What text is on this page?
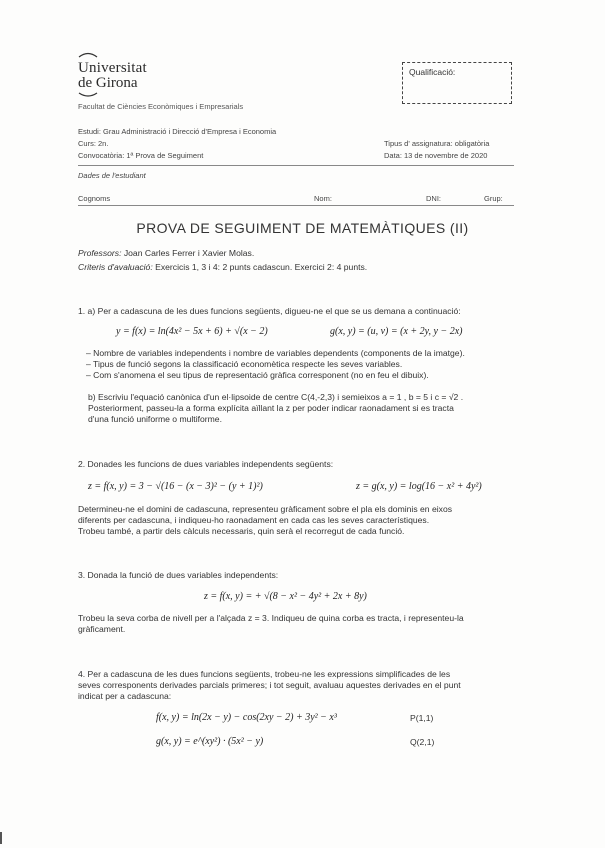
Universitat
de Girona
Facultat de Ciències Econòmiques i Empresarials
Qualificació:
Estudi: Grau Administració i Direcció d'Empresa i Economia
Curs: 2n.
Convocatòria: 1ª Prova de Seguiment
Tipus d' assignatura: obligatòria
Data: 13 de novembre de 2020
Dades de l'estudiant
Cognoms	Nom:	DNI:	Grup:
PROVA DE SEGUIMENT DE MATEMÀTIQUES (II)
Professors: Joan Carles Ferrer i Xavier Molas.
Criteris d'avaluació: Exercicis 1, 3 i 4: 2 punts cadascun. Exercici 2: 4 punts.
1. a) Per a cadascuna de les dues funcions següents, digueu-ne el que se us demana a continuació:
y = f(x) = ln(4x² − 5x + 6) + √(x − 2)	g(x, y) = (u, v) = (x + 2y, y − 2x)
– Nombre de variables independents i nombre de variables dependents (components de la imatge).
– Tipus de funció segons la classificació economètica respecte les seves variables.
– Com s'anomena el seu tipus de representació gràfica corresponent (no en feu el dibuix).
b) Escriviu l'equació canònica d'un el·lipsoide de centre C(4,-2,3) i semieixos a = 1 , b = 5 i c = √2 .
Posteriorment, passeu-la a forma explícita aïllant la z per poder indicar raonadament si es tracta
d'una funció uniforme o multiforme.
2. Donades les funcions de dues variables independents següents:
z = f(x, y) = 3 − √(16 − (x − 3)² − (y + 1)²)	z = g(x, y) = log(16 − x² + 4y²)
Determineu-ne el domini de cadascuna, representeu gràficament sobre el pla els dominis en eixos
diferents per cadascuna, i indiqueu-ho raonadament en cada cas les seves característiques.
Trobeu també, a partir dels càlculs necessaris, quin serà el recorregut de cada funció.
3. Donada la funció de dues variables independents:
z = f(x, y) = + √(8 − x² − 4y² + 2x + 8y)
Trobeu la seva corba de nivell per a l'alçada z = 3. Indiqueu de quina corba es tracta, i representeu-la
gràficament.
4. Per a cadascuna de les dues funcions següents, trobeu-ne les expressions simplificades de les
seves corresponents derivades parcials primeres; i tot seguit, avaluau aquestes derivades en el punt
indicat per a cadascuna:
f(x, y) = ln(2x − y) − cos(2xy − 2) + 3y² − x³	P(1,1)
g(x, y) = e^(xy²) · (5x² − y)	Q(2,1)
